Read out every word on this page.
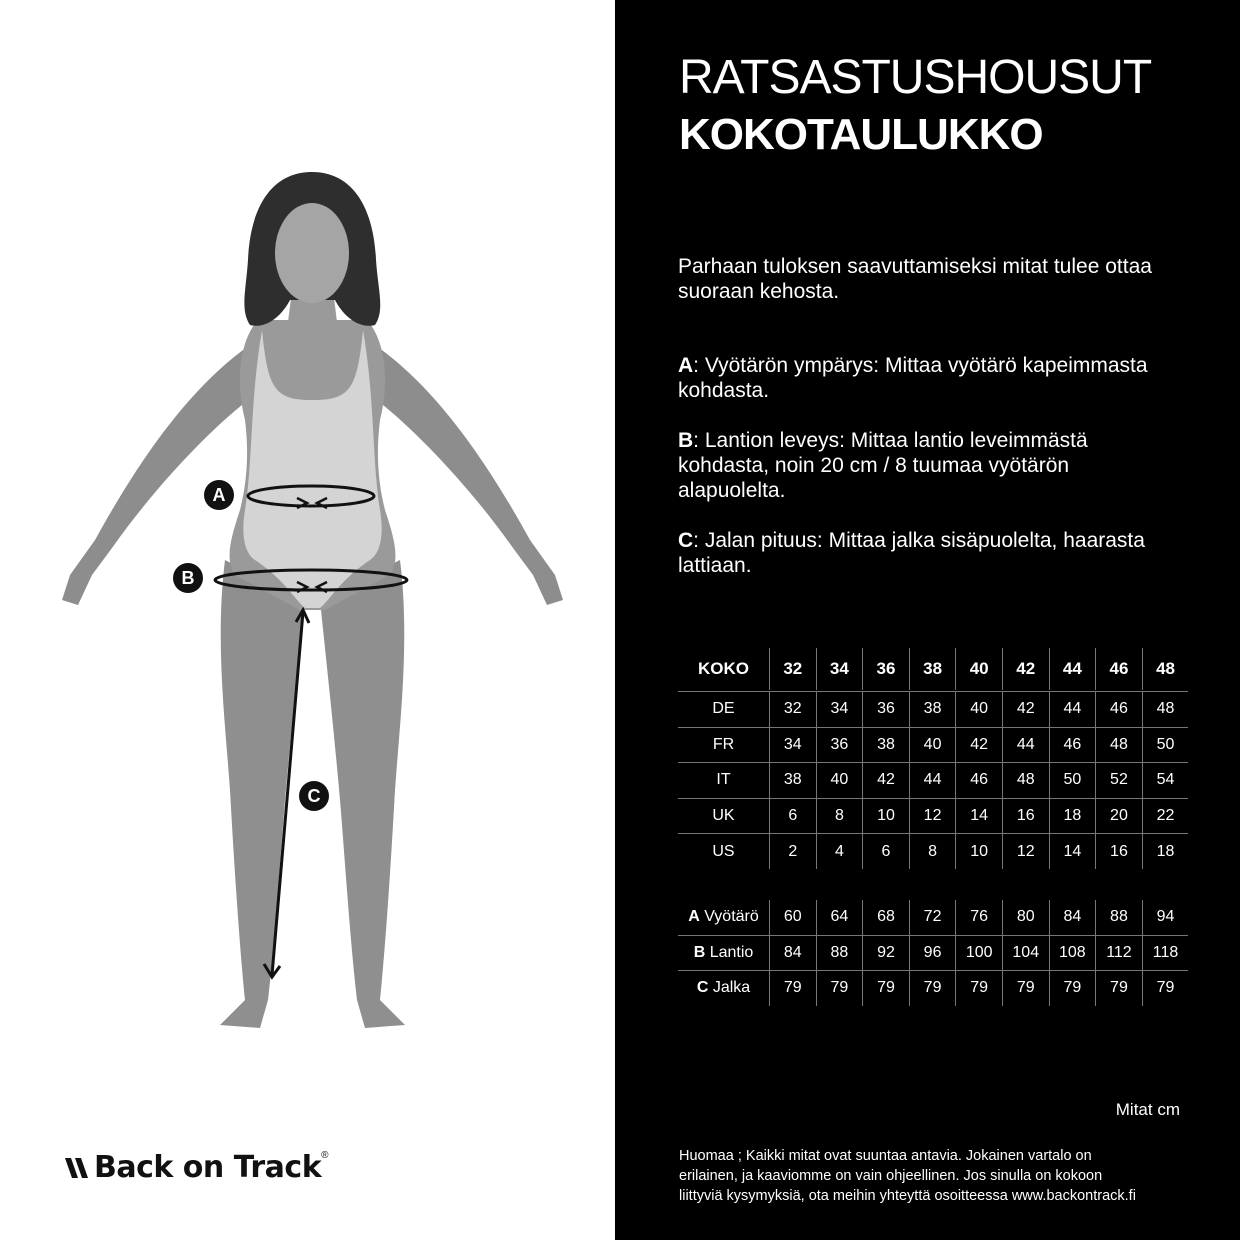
A
B
C
Back on Track®
RATSASTUSHOUSUT
KOKOTAULUKKO
Parhaan tuloksen saavuttamiseksi mitat tulee ottaa suoraan kehosta.
A: Vyötärön ympärys: Mittaa vyötärö kapeimmasta kohdasta.
B: Lantion leveys: Mittaa lantio leveimmästä kohdasta, noin 20 cm / 8 tuumaa vyötärön alapuolelta.
C: Jalan pituus: Mittaa jalka sisäpuolelta, haarasta lattiaan.
KOKO	32	34	36	38	40	42	44	46	48
DE	32	34	36	38	40	42	44	46	48
FR	34	36	38	40	42	44	46	48	50
IT	38	40	42	44	46	48	50	52	54
UK	6	8	10	12	14	16	18	20	22
US	2	4	6	8	10	12	14	16	18
A Vyötärö	60	64	68	72	76	80	84	88	94
B Lantio	84	88	92	96	100	104	108	112	118
C Jalka	79	79	79	79	79	79	79	79	79
Mitat cm
Huomaa ; Kaikki mitat ovat suuntaa antavia. Jokainen vartalo on erilainen, ja kaaviomme on vain ohjeellinen. Jos sinulla on kokoon liittyviä kysymyksiä, ota meihin yhteyttä osoitteessa www.backontrack.fi
